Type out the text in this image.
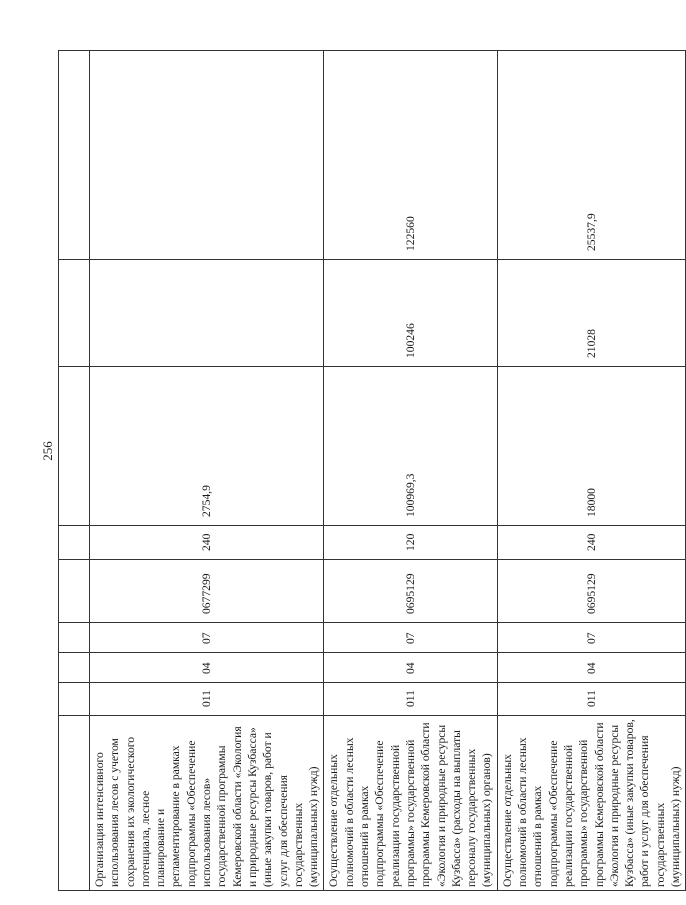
256

Организация интенсивного использования лесов с учетом сохранения их экологического потенциала, лесное планирование и регламентирование в рамках подпрограммы «Обеспечение использования лесов» государственной программы Кемеровской области «Экология и природные ресурсы Кузбасса» (иные закупки товаров, работ и услуг для обеспечения государственных (муниципальных) нужд)	011	04	07	0677299	240	2754,9		
Осуществление отдельных полномочий в области лесных отношений в рамках подпрограммы «Обеспечение реализации государственной программы» государственной программы Кемеровской области «Экология и природные ресурсы Кузбасса» (расходы на выплаты персоналу государственных (муниципальных) органов)	011	04	07	0695129	120	100969,3	100246	122560
Осуществление отдельных полномочий в области лесных отношений в рамках подпрограммы «Обеспечение реализации государственной программы» государственной программы Кемеровской области «Экология и природные ресурсы Кузбасса» (иные закупки товаров, работ и услуг для обеспечения государственных (муниципальных) нужд)	011	04	07	0695129	240	18000	21028	25537,9
